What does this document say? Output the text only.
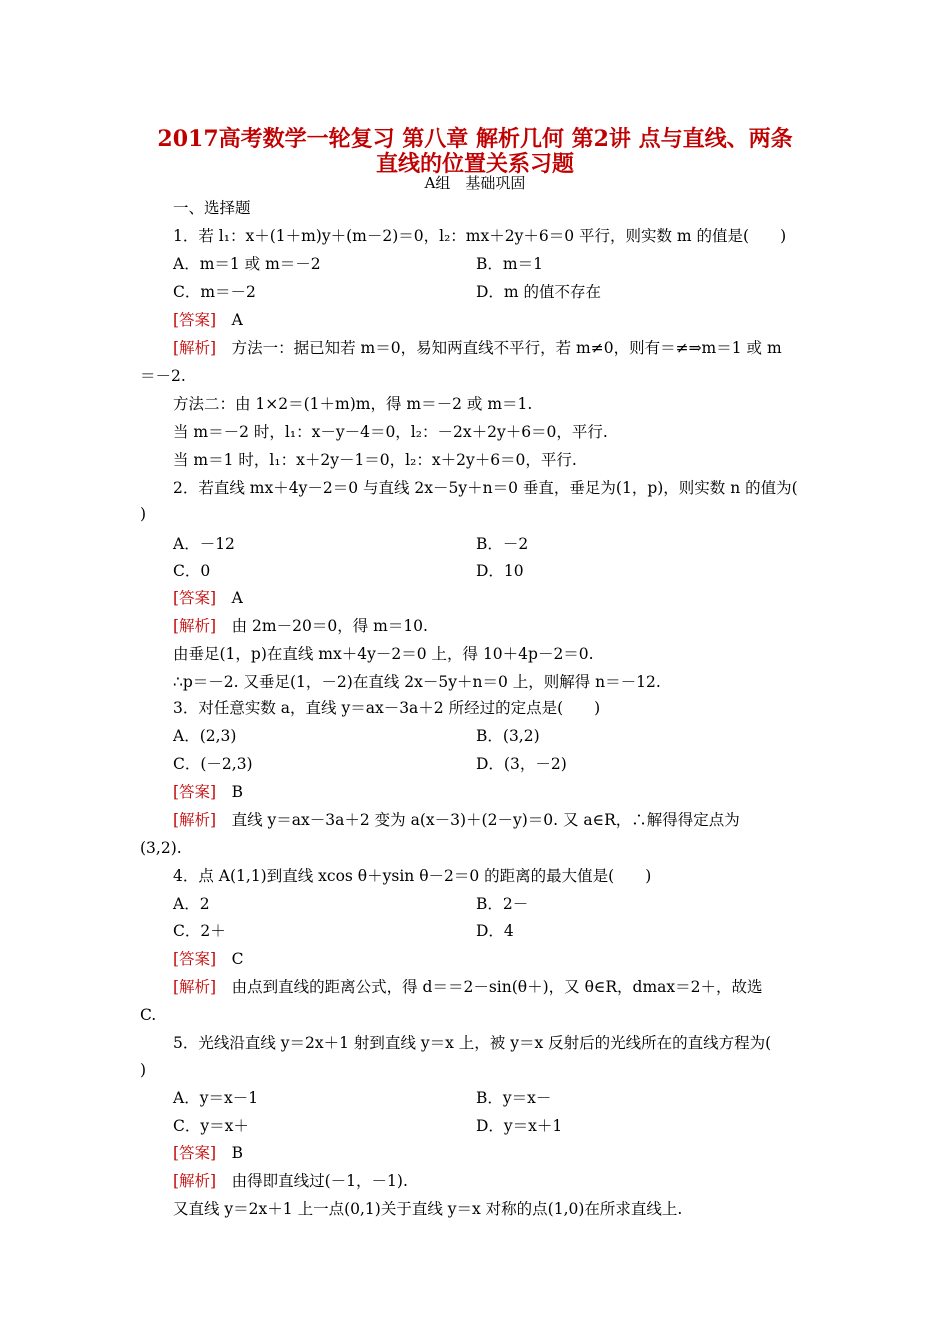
2017高考数学一轮复习 第八章 解析几何 第2讲 点与直线、两条
直线的位置关系习题
A组　基础巩固
一、选择题
1．若 l₁：x＋(1＋m)y＋(m－2)＝0，l₂：mx＋2y＋6＝0 平行，则实数 m 的值是(　　)
A．m＝1 或 m＝－2	B．m＝1
C．m＝－2	D．m 的值不存在
[答案]　 A
[解析]　 方法一：据已知若 m＝0，易知两直线不平行，若 m≠0，则有＝≠⇒m＝1 或 m
＝－2.
方法二：由 1×2＝(1＋m)m，得 m＝－2 或 m＝1.
当 m＝－2 时，l₁：x－y－4＝0，l₂：－2x＋2y＋6＝0，平行.
当 m＝1 时，l₁：x＋2y－1＝0，l₂：x＋2y＋6＝0，平行.
2．若直线 mx＋4y－2＝0 与直线 2x－5y＋n＝0 垂直，垂足为(1，p)，则实数 n 的值为(
)
A．－12	B．－2
C．0	D．10
[答案]　 A
[解析]　 由 2m－20＝0，得 m＝10.
由垂足(1，p)在直线 mx＋4y－2＝0 上，得 10＋4p－2＝0.
∴p＝－2. 又垂足(1，－2)在直线 2x－5y＋n＝0 上，则解得 n＝－12.
3．对任意实数 a，直线 y＝ax－3a＋2 所经过的定点是(　　)
A．(2,3)	B．(3,2)
C．(－2,3)	D．(3，－2)
[答案]　 B
[解析]　 直线 y＝ax－3a＋2 变为 a(x－3)＋(2－y)＝0. 又 a∈R，∴解得得定点为
(3,2).
4．点 A(1,1)到直线 xcos θ＋ysin θ－2＝0 的距离的最大值是(　　)
A．2	B．2－
C．2＋	D．4
[答案]　 C
[解析]　 由点到直线的距离公式，得 d＝＝2－sin(θ＋)，又 θ∈R，dmax＝2＋，故选
C.
5．光线沿直线 y＝2x＋1 射到直线 y＝x 上，被 y＝x 反射后的光线所在的直线方程为(
)
A．y＝x－1	B．y＝x－
C．y＝x＋	D．y＝x＋1
[答案]　 B
[解析]　 由得即直线过(－1，－1).
又直线 y＝2x＋1 上一点(0,1)关于直线 y＝x 对称的点(1,0)在所求直线上.
